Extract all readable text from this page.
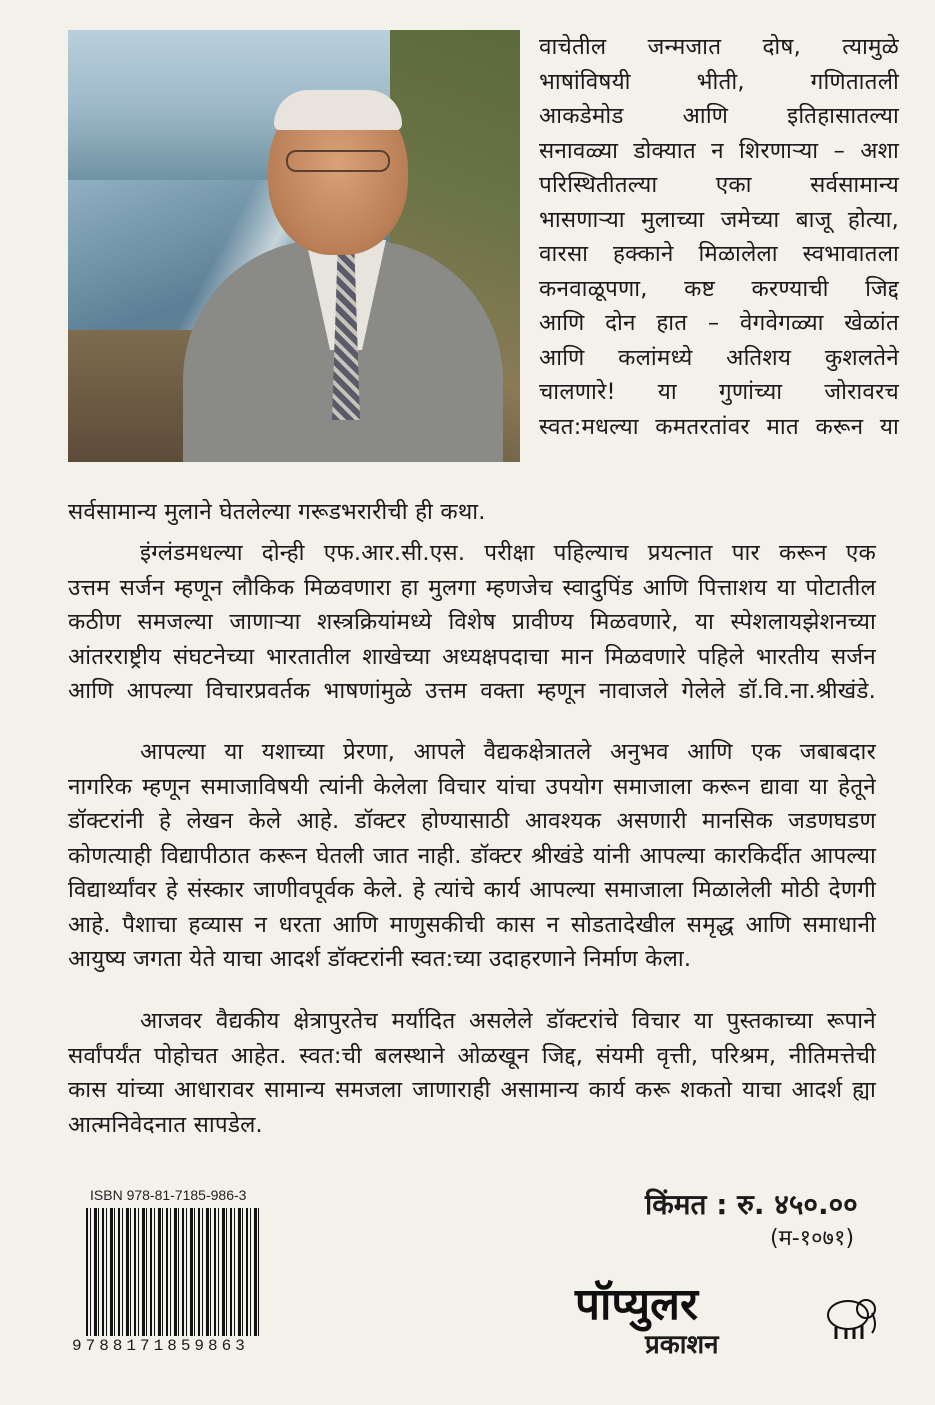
वाचेतील जन्मजात दोष, त्यामुळे
भाषांविषयी भीती, गणितातली
आकडेमोड आणि इतिहासातल्या
सनावळ्या डोक्यात न शिरणाऱ्या – अशा
परिस्थितीतल्या एका सर्वसामान्य
भासणाऱ्या मुलाच्या जमेच्या बाजू होत्या,
वारसा हक्काने मिळालेला स्वभावातला
कनवाळूपणा, कष्ट करण्याची जिद्द
आणि दोन हात – वेगवेगळ्या खेळांत
आणि कलांमध्ये अतिशय कुशलतेने
चालणारे! या गुणांच्या जोरावरच
स्वत:मधल्या कमतरतांवर मात करून या
सर्वसामान्य मुलाने घेतलेल्या गरूडभरारीची ही कथा.
इंग्लंडमधल्या दोन्ही एफ.आर.सी.एस. परीक्षा पहिल्याच प्रयत्नात पार करून एक
उत्तम सर्जन म्हणून लौकिक मिळवणारा हा मुलगा म्हणजेच स्वादुपिंड आणि पित्ताशय या पोटातील
कठीण समजल्या जाणाऱ्या शस्त्रक्रियांमध्ये विशेष प्रावीण्य मिळवणारे, या स्पेशलायझेशनच्या
आंतरराष्ट्रीय संघटनेच्या भारतातील शाखेच्या अध्यक्षपदाचा मान मिळवणारे पहिले भारतीय सर्जन
आणि आपल्या विचारप्रवर्तक भाषणांमुळे उत्तम वक्ता म्हणून नावाजले गेलेले डॉ.वि.ना.श्रीखंडे.
आपल्या या यशाच्या प्रेरणा, आपले वैद्यकक्षेत्रातले अनुभव आणि एक जबाबदार
नागरिक म्हणून समाजाविषयी त्यांनी केलेला विचार यांचा उपयोग समाजाला करून द्यावा या हेतूने
डॉक्टरांनी हे लेखन केले आहे. डॉक्टर होण्यासाठी आवश्यक असणारी मानसिक जडणघडण
कोणत्याही विद्यापीठात करून घेतली जात नाही. डॉक्टर श्रीखंडे यांनी आपल्या कारकिर्दीत आपल्या
विद्यार्थ्यांवर हे संस्कार जाणीवपूर्वक केले. हे त्यांचे कार्य आपल्या समाजाला मिळालेली मोठी देणगी
आहे. पैशाचा हव्यास न धरता आणि माणुसकीची कास न सोडतादेखील समृद्ध आणि समाधानी
आयुष्य जगता येते याचा आदर्श डॉक्टरांनी स्वत:च्या उदाहरणाने निर्माण केला.
आजवर वैद्यकीय क्षेत्रापुरतेच मर्यादित असलेले डॉक्टरांचे विचार या पुस्तकाच्या रूपाने
सर्वांपर्यंत पोहोचत आहेत. स्वत:ची बलस्थाने ओळखून जिद्द, संयमी वृत्ती, परिश्रम, नीतिमत्तेची
कास यांच्या आधारावर सामान्य समजला जाणाराही असामान्य कार्य करू शकतो याचा आदर्श ह्या
आत्मनिवेदनात सापडेल.
ISBN 978-81-7185-986-3
9788171859863
किंमत : रु. ४५०.००
(म-१०७१)
पॉप्युलर
प्रकाशन
